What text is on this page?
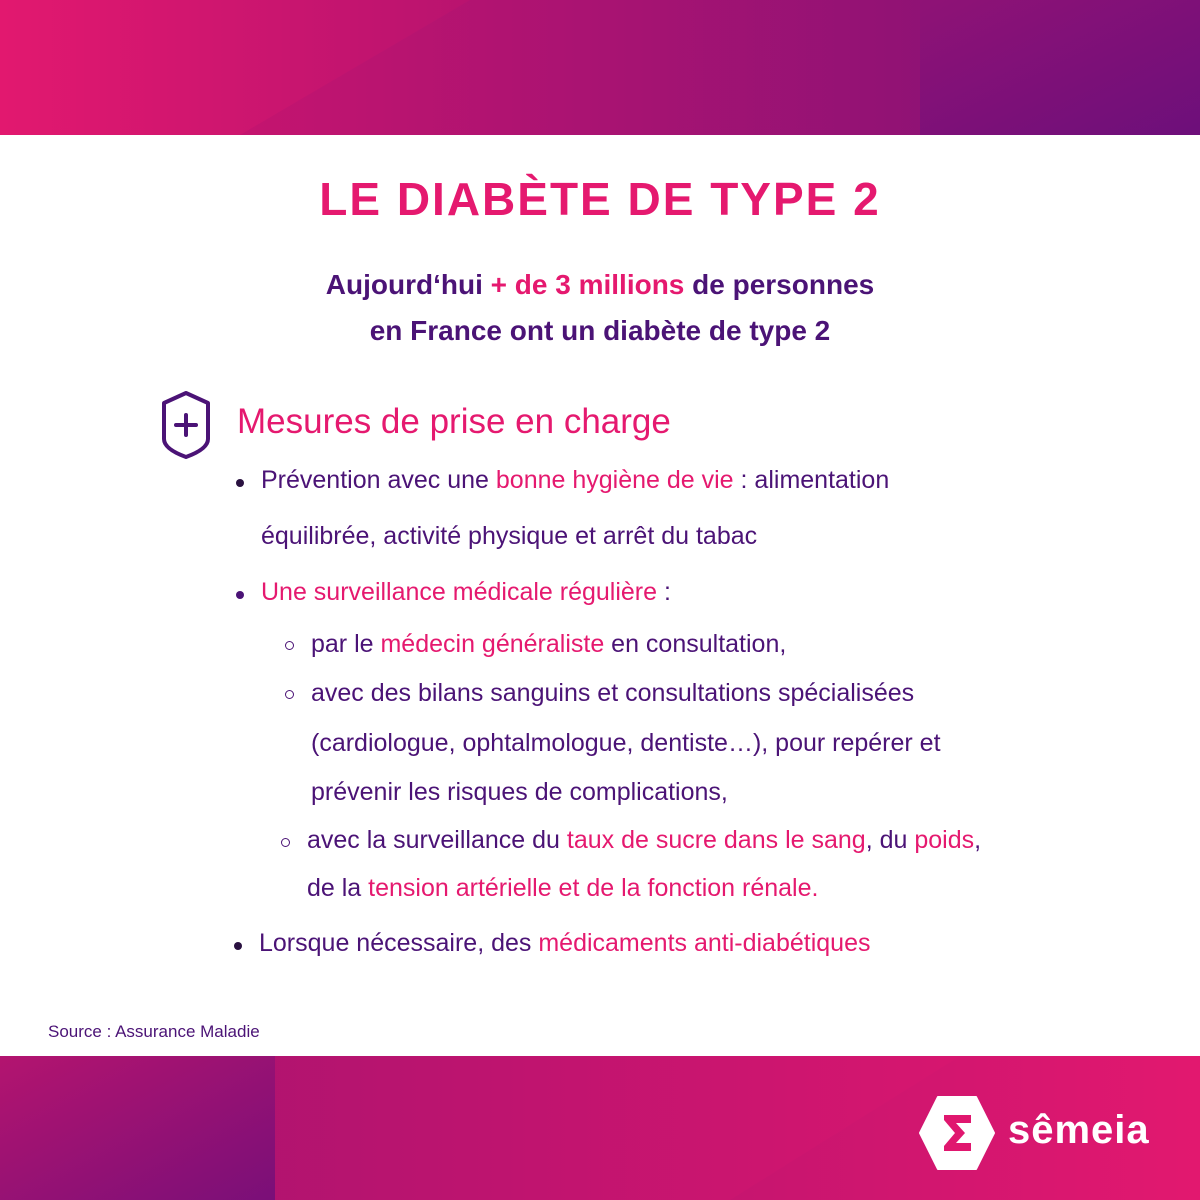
LE DIABÈTE DE TYPE 2
Aujourd‘hui + de 3 millions de personnes
en France ont un diabète de type 2
Mesures de prise en charge
Prévention avec une bonne hygiène de vie : alimentation
équilibrée, activité physique et arrêt du tabac
Une surveillance médicale régulière :
par le médecin généraliste en consultation,
avec des bilans sanguins et consultations spécialisées
(cardiologue, ophtalmologue, dentiste…), pour repérer et
prévenir les risques de complications,
avec la surveillance du taux de sucre dans le sang, du poids,
de la tension artérielle et de la fonction rénale.
Lorsque nécessaire, des médicaments anti-diabétiques
Source : Assurance Maladie
sêmeia
